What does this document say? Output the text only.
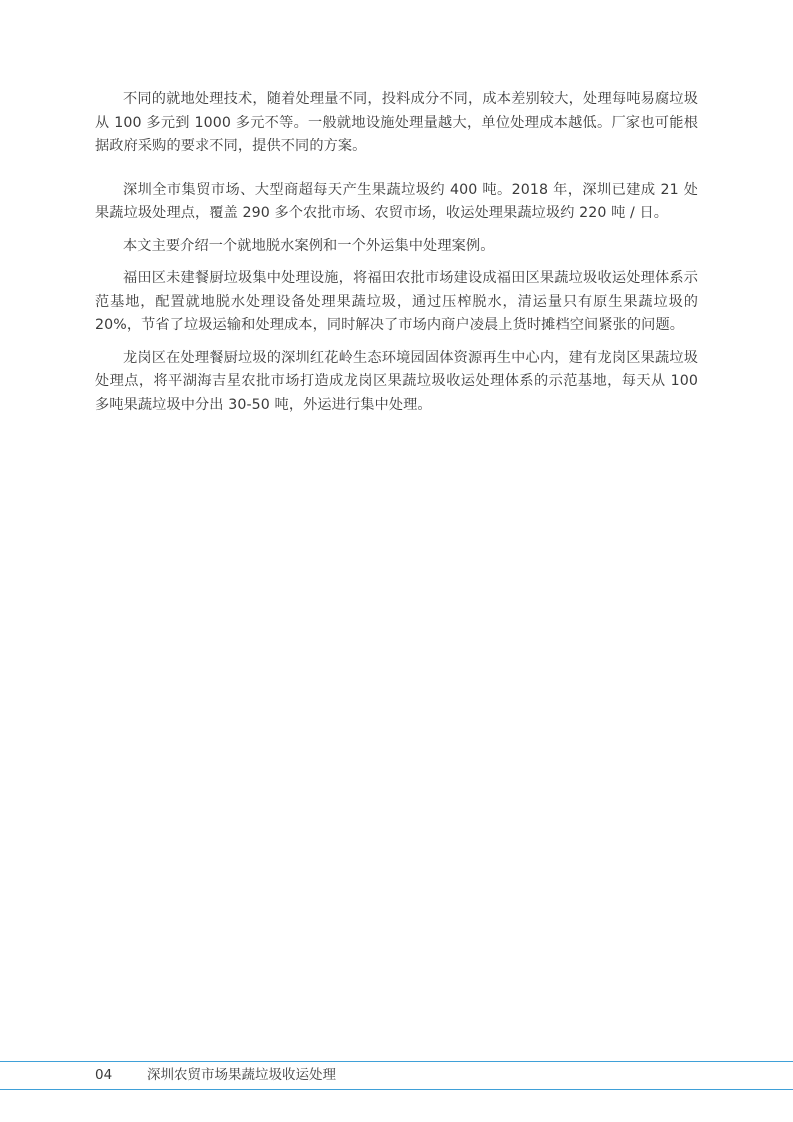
不同的就地处理技术，随着处理量不同，投料成分不同，成本差别较大，处理每吨易腐垃圾从 100 多元到 1000 多元不等。一般就地设施处理量越大，单位处理成本越低。厂家也可能根据政府采购的要求不同，提供不同的方案。

深圳全市集贸市场、大型商超每天产生果蔬垃圾约 400 吨。2018 年，深圳已建成 21 处果蔬垃圾处理点，覆盖 290 多个农批市场、农贸市场，收运处理果蔬垃圾约 220 吨 / 日。

本文主要介绍一个就地脱水案例和一个外运集中处理案例。

福田区未建餐厨垃圾集中处理设施，将福田农批市场建设成福田区果蔬垃圾收运处理体系示范基地，配置就地脱水处理设备处理果蔬垃圾，通过压榨脱水，清运量只有原生果蔬垃圾的 20%，节省了垃圾运输和处理成本，同时解决了市场内商户凌晨上货时摊档空间紧张的问题。

龙岗区在处理餐厨垃圾的深圳红花岭生态环境园固体资源再生中心内，建有龙岗区果蔬垃圾处理点，将平湖海吉星农批市场打造成龙岗区果蔬垃圾收运处理体系的示范基地，每天从 100 多吨果蔬垃圾中分出 30-50 吨，外运进行集中处理。

04	深圳农贸市场果蔬垃圾收运处理
